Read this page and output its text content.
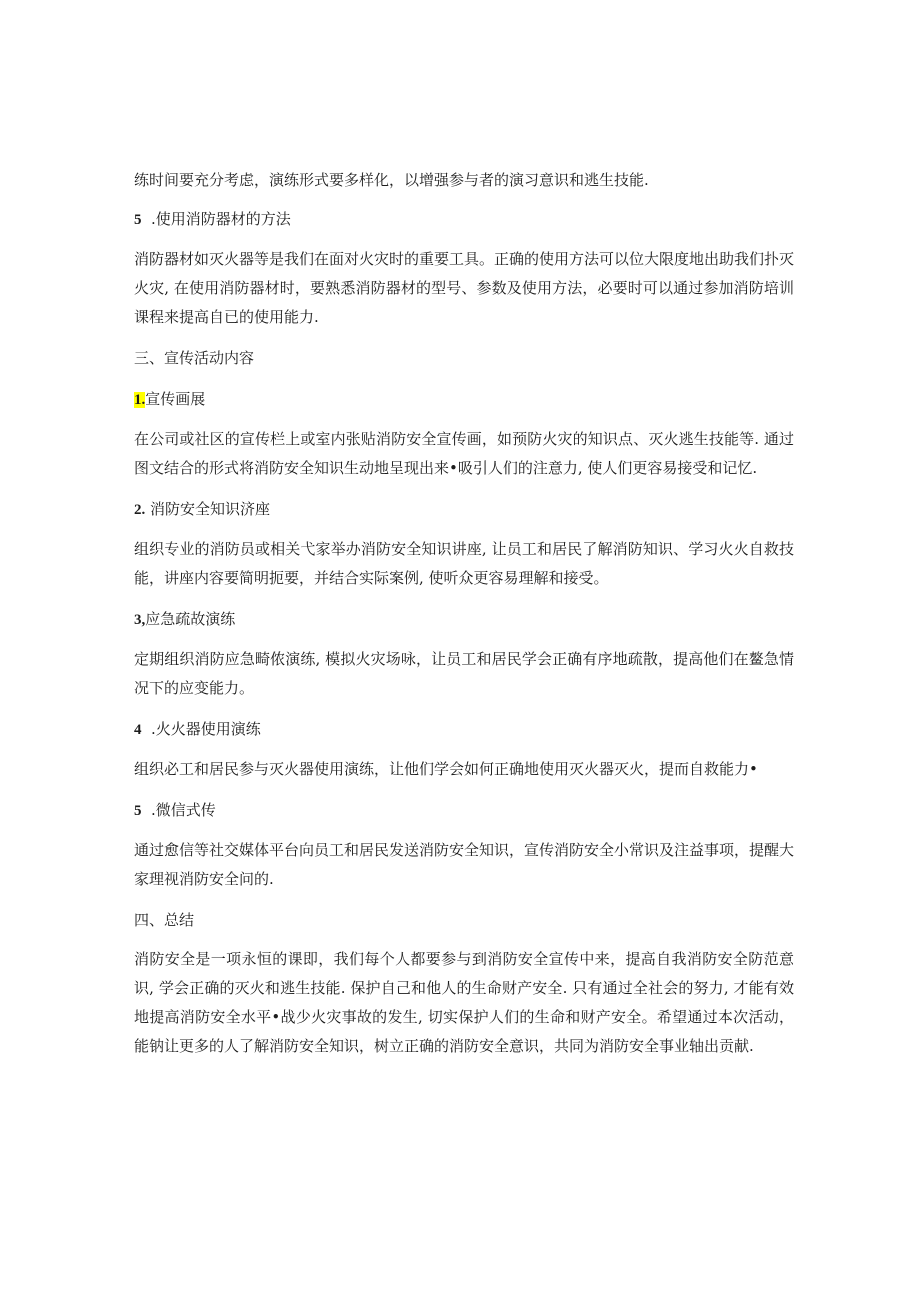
练时间要充分考虑，演练形式要多样化，以增强参与者的演习意识和逃生技能.

5  .使用消防器材的方法

消防器材如灭火器等是我们在面对火灾时的重要工具。正确的使用方法可以位大限度地出助我们扑灭火灾, 在使用消防器材时，要熟悉消防器材的型号、参数及使用方法，必要时可以通过参加消防培训课程来提高自已的使用能力.

三、宣传活动内容

1.宣传画展

在公司或社区的宣传栏上或室内张贴消防安全宣传画，如预防火灾的知识点、灭火逃生技能等. 通过图文结合的形式将消防安全知识生动地呈现出来•吸引人们的注意力, 使人们更容易接受和记忆.

2. 消防安全知识济座

组织专业的消防员或相关弋家举办消防安全知识讲座, 让员工和居民了解消防知识、学习火火自救技能，讲座内容要简明扼要，并结合实际案例, 使听众更容易理解和接受。

3,应急疏故演练

定期组织消防应急畸侬演练, 模拟火灾场咏，让员工和居民学会正确有序地疏散，提高他们在鳌急情况下的应变能力。

4  .火火器使用演练

组织必工和居民参与灭火器使用演练，让他们学会如何正确地使用灭火器灭火，提而自救能力•

5  .微信式传

通过愈信等社交媒体平台向员工和居民发送消防安全知识，宣传消防安全小常识及注益事项，提醒大家理视消防安全问的.

四、总结

消防安全是一项永恒的课即，我们每个人都要参与到消防安全宣传中来，提高自我消防安全防范意识, 学会正确的灭火和逃生技能. 保护自己和他人的生命财产安全. 只有通过全社会的努力, 才能有效地提高消防安全水平•战少火灾事故的发生, 切实保护人们的生命和财产安全。希望通过本次活动，能钠让更多的人了解消防安全知识，树立正确的消防安全意识，共同为消防安全事业轴出贡献.
